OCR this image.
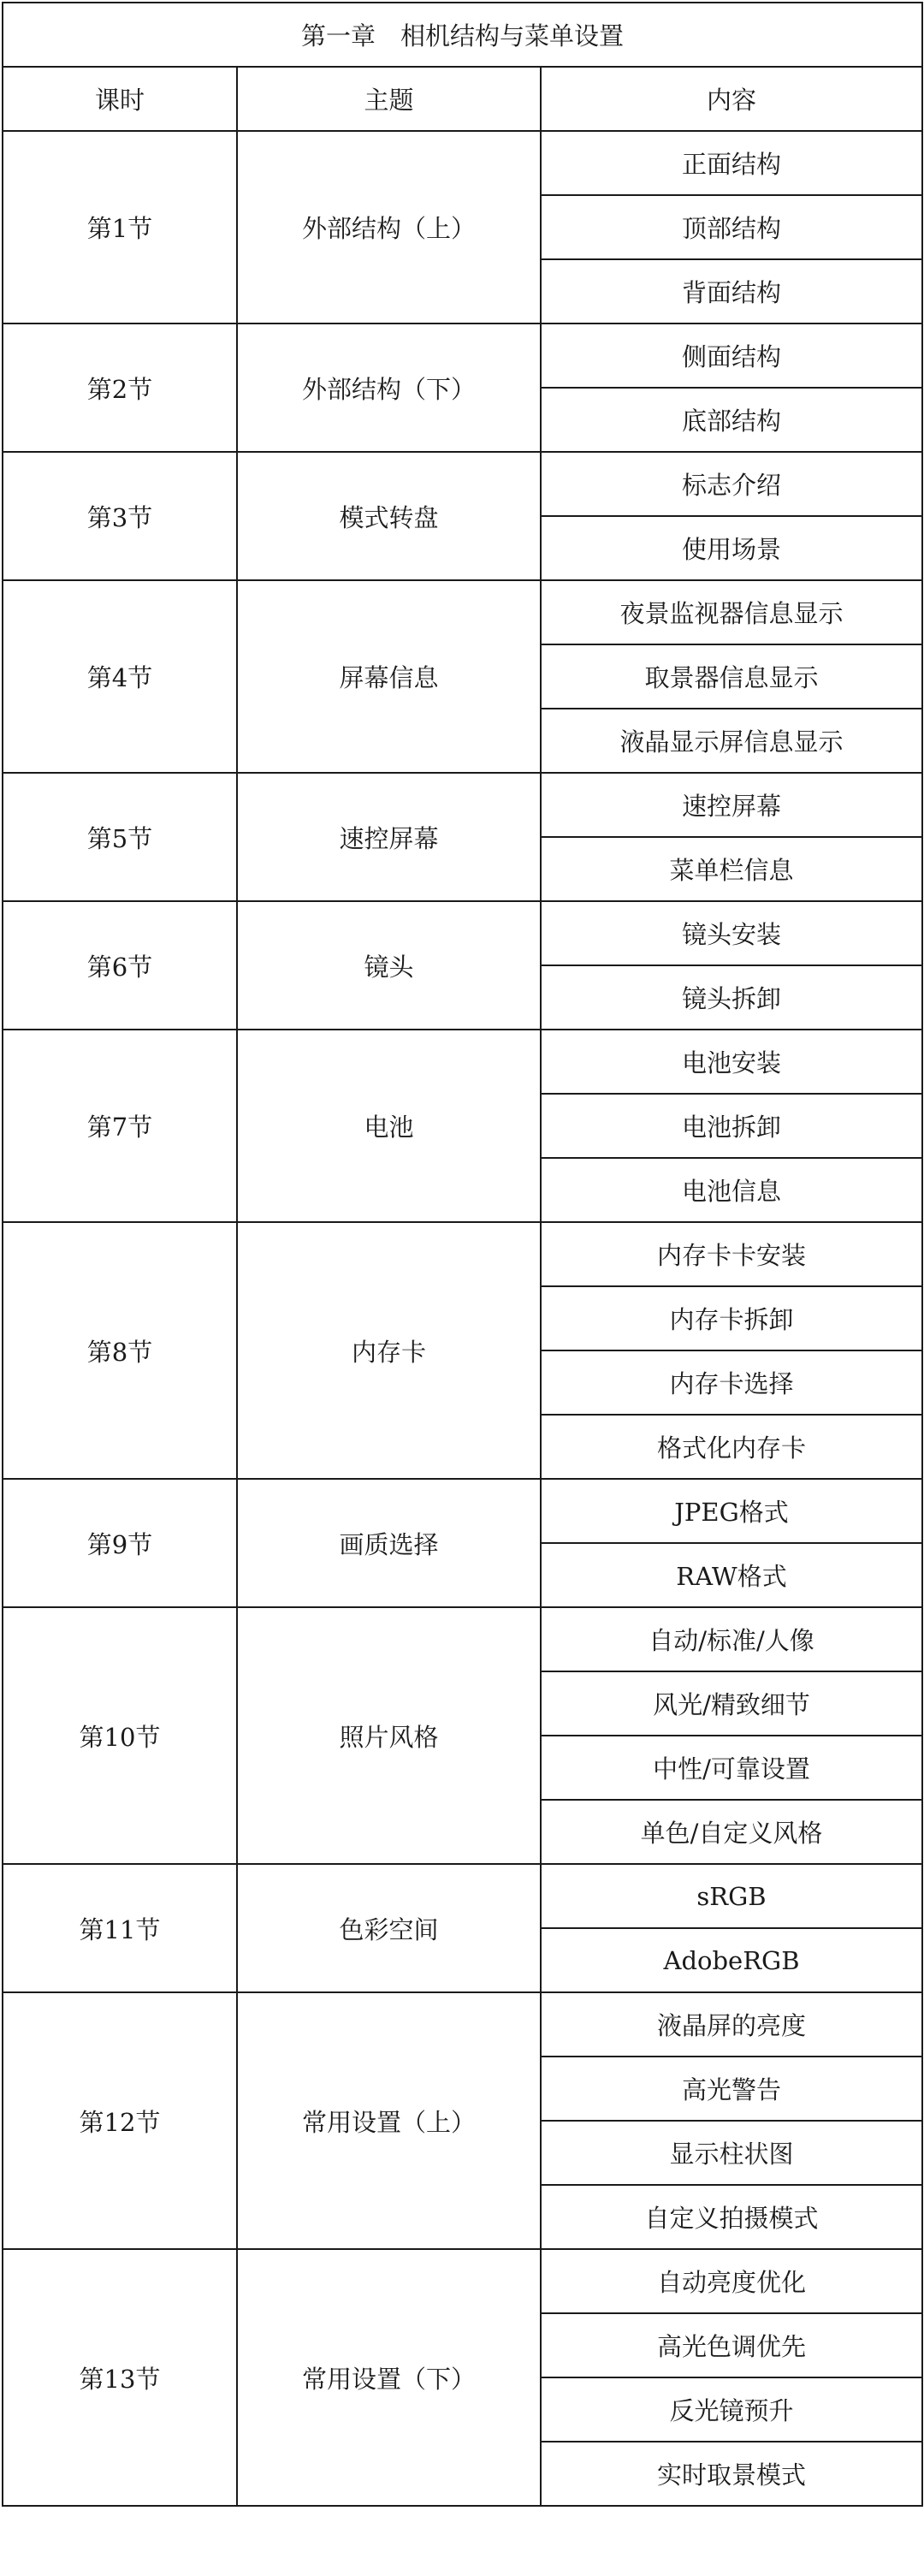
第一章　相机结构与菜单设置		
课时	主题	内容
第1节	外部结构（上）	正面结构
		顶部结构
		背面结构
第2节	外部结构（下）	侧面结构
		底部结构
第3节	模式转盘	标志介绍
		使用场景
第4节	屏幕信息	夜景监视器信息显示
		取景器信息显示
		液晶显示屏信息显示
第5节	速控屏幕	速控屏幕
		菜单栏信息
第6节	镜头	镜头安装
		镜头拆卸
第7节	电池	电池安装
		电池拆卸
		电池信息
第8节	内存卡	内存卡卡安装
		内存卡拆卸
		内存卡选择
		格式化内存卡
第9节	画质选择	JPEG格式
		RAW格式
第10节	照片风格	自动/标准/人像
		风光/精致细节
		中性/可靠设置
		单色/自定义风格
第11节	色彩空间	sRGB
		AdobeRGB
第12节	常用设置（上）	液晶屏的亮度
		高光警告
		显示柱状图
		自定义拍摄模式
第13节	常用设置（下）	自动亮度优化
		高光色调优先
		反光镜预升
		实时取景模式
